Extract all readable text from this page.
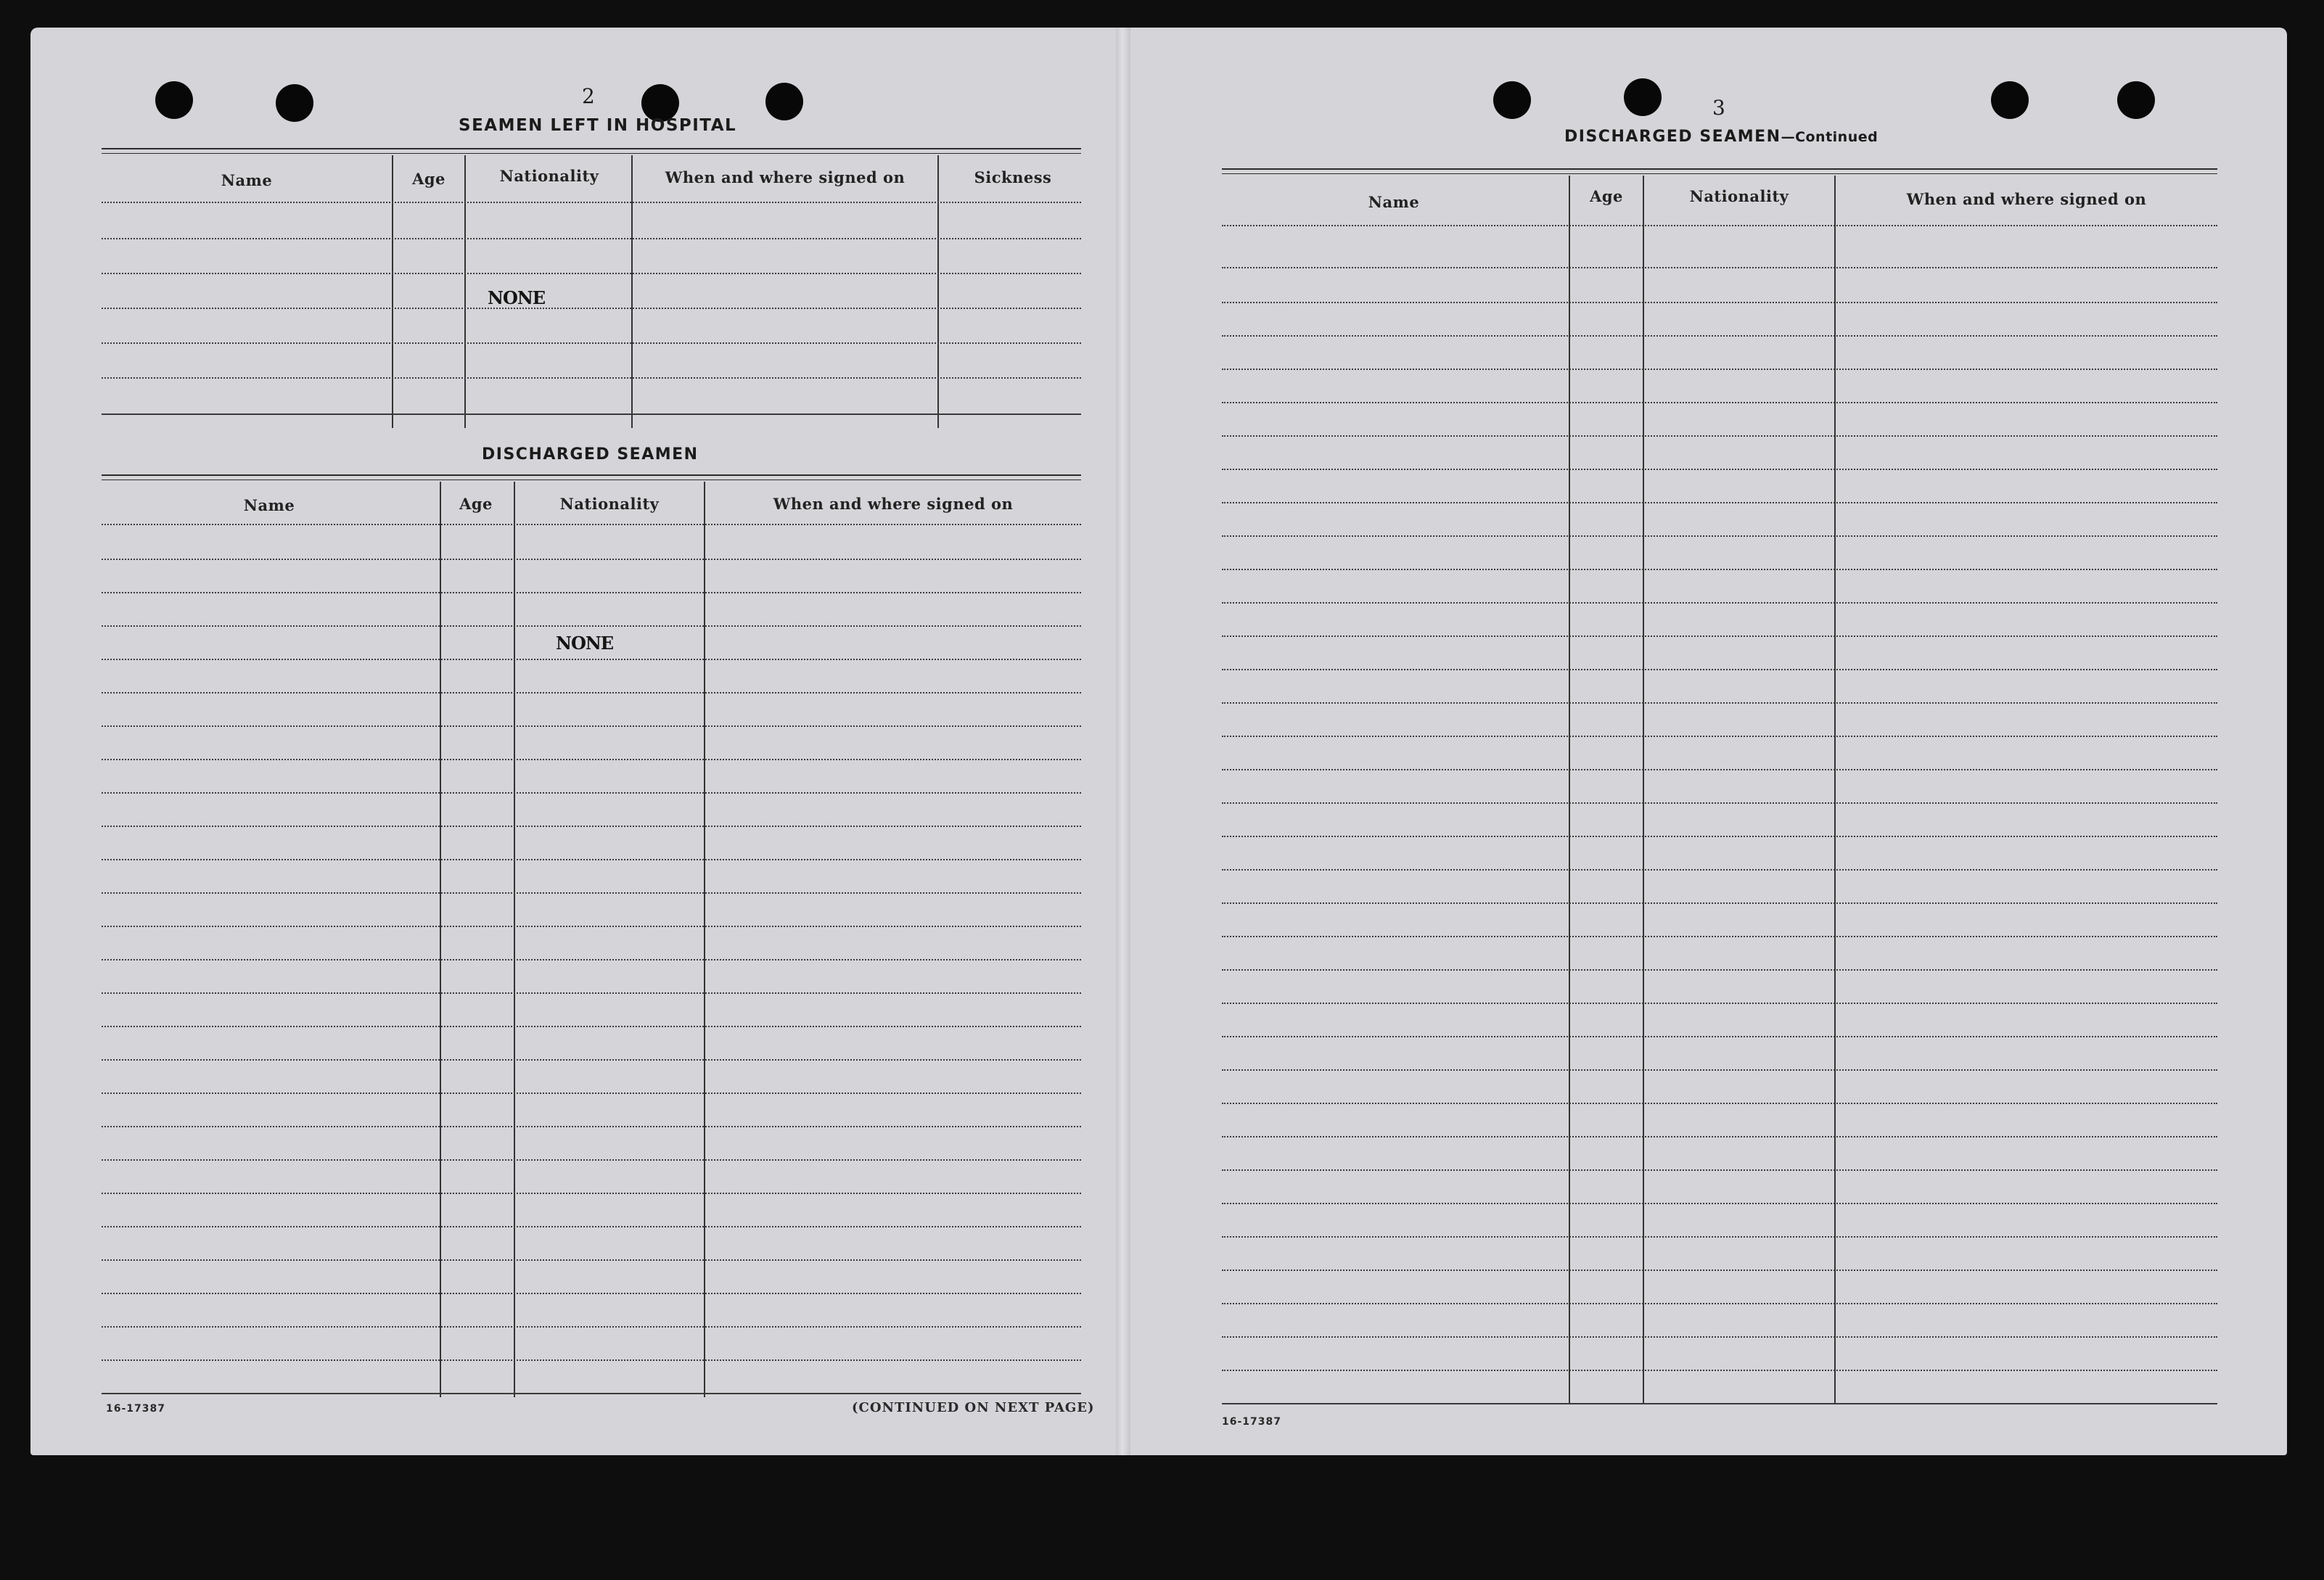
2
SEAMEN LEFT IN HOSPITAL
Name	Age	Nationality	When and where signed on	Sickness
NONE
DISCHARGED SEAMEN
Name	Age	Nationality	When and where signed on
NONE
16-17387	(CONTINUED ON NEXT PAGE)
3
DISCHARGED SEAMEN—Continued
Name	Age	Nationality	When and where signed on
16-17387
